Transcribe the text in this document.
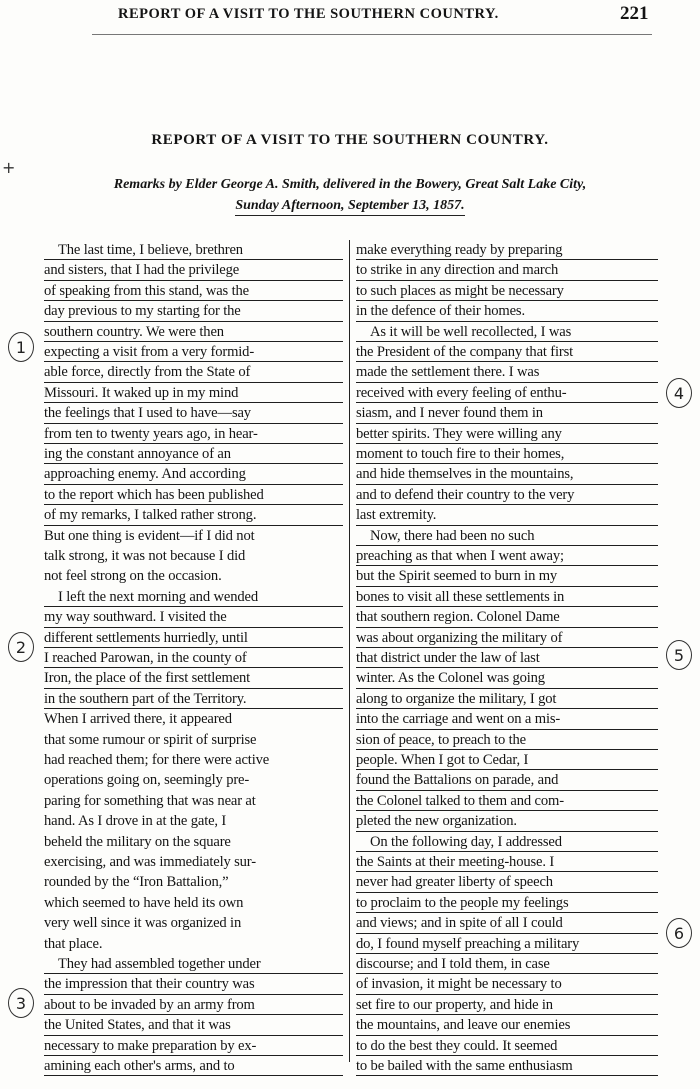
REPORT OF A VISIT TO THE SOUTHERN COUNTRY.	221
+
REPORT OF A VISIT TO THE SOUTHERN COUNTRY.
Remarks by Elder George A. Smith, delivered in the Bowery, Great Salt Lake City,
Sunday Afternoon, September 13, 1857.
The last time, I believe, brethren
and sisters, that I had the privilege
of speaking from this stand, was the
day previous to my starting for the
southern country. We were then
expecting a visit from a very formid-
able force, directly from the State of
Missouri. It waked up in my mind
the feelings that I used to have—say
from ten to twenty years ago, in hear-
ing the constant annoyance of an
approaching enemy. And according
to the report which has been published
of my remarks, I talked rather strong.
But one thing is evident—if I did not
talk strong, it was not because I did
not feel strong on the occasion.
I left the next morning and wended
my way southward. I visited the
different settlements hurriedly, until
I reached Parowan, in the county of
Iron, the place of the first settlement
in the southern part of the Territory.
When I arrived there, it appeared
that some rumour or spirit of surprise
had reached them; for there were active
operations going on, seemingly pre-
paring for something that was near at
hand. As I drove in at the gate, I
beheld the military on the square
exercising, and was immediately sur-
rounded by the “Iron Battalion,”
which seemed to have held its own
very well since it was organized in
that place.
They had assembled together under
the impression that their country was
about to be invaded by an army from
the United States, and that it was
necessary to make preparation by ex-
amining each other's arms, and to
make everything ready by preparing
to strike in any direction and march
to such places as might be necessary
in the defence of their homes.
As it will be well recollected, I was
the President of the company that first
made the settlement there. I was
received with every feeling of enthu-
siasm, and I never found them in
better spirits. They were willing any
moment to touch fire to their homes,
and hide themselves in the mountains,
and to defend their country to the very
last extremity.
Now, there had been no such
preaching as that when I went away;
but the Spirit seemed to burn in my
bones to visit all these settlements in
that southern region. Colonel Dame
was about organizing the military of
that district under the law of last
winter. As the Colonel was going
along to organize the military, I got
into the carriage and went on a mis-
sion of peace, to preach to the
people. When I got to Cedar, I
found the Battalions on parade, and
the Colonel talked to them and com-
pleted the new organization.
On the following day, I addressed
the Saints at their meeting-house. I
never had greater liberty of speech
to proclaim to the people my feelings
and views; and in spite of all I could
do, I found myself preaching a military
discourse; and I told them, in case
of invasion, it might be necessary to
set fire to our property, and hide in
the mountains, and leave our enemies
to do the best they could. It seemed
to be bailed with the same enthusiasm
1
2
3
4
5
6
